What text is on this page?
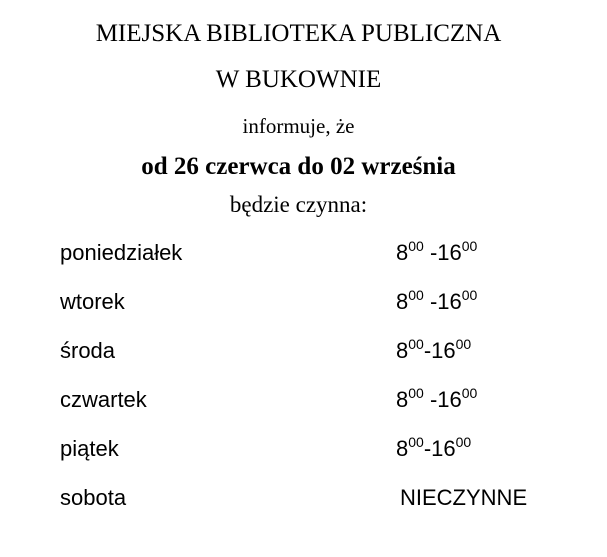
MIEJSKA BIBLIOTEKA PUBLICZNA
W BUKOWNIE
informuje, że
od 26 czerwca do 02 września
będzie czynna:
poniedziałek	$8^{00}$ $-16^{00}$
wtorek	$8^{00}$ $-16^{00}$
środa	$8^{00}-16^{00}$
czwartek	$8^{00}$ $-16^{00}$
piątek	$8^{00}-16^{00}$
sobota	NIECZYNNE
